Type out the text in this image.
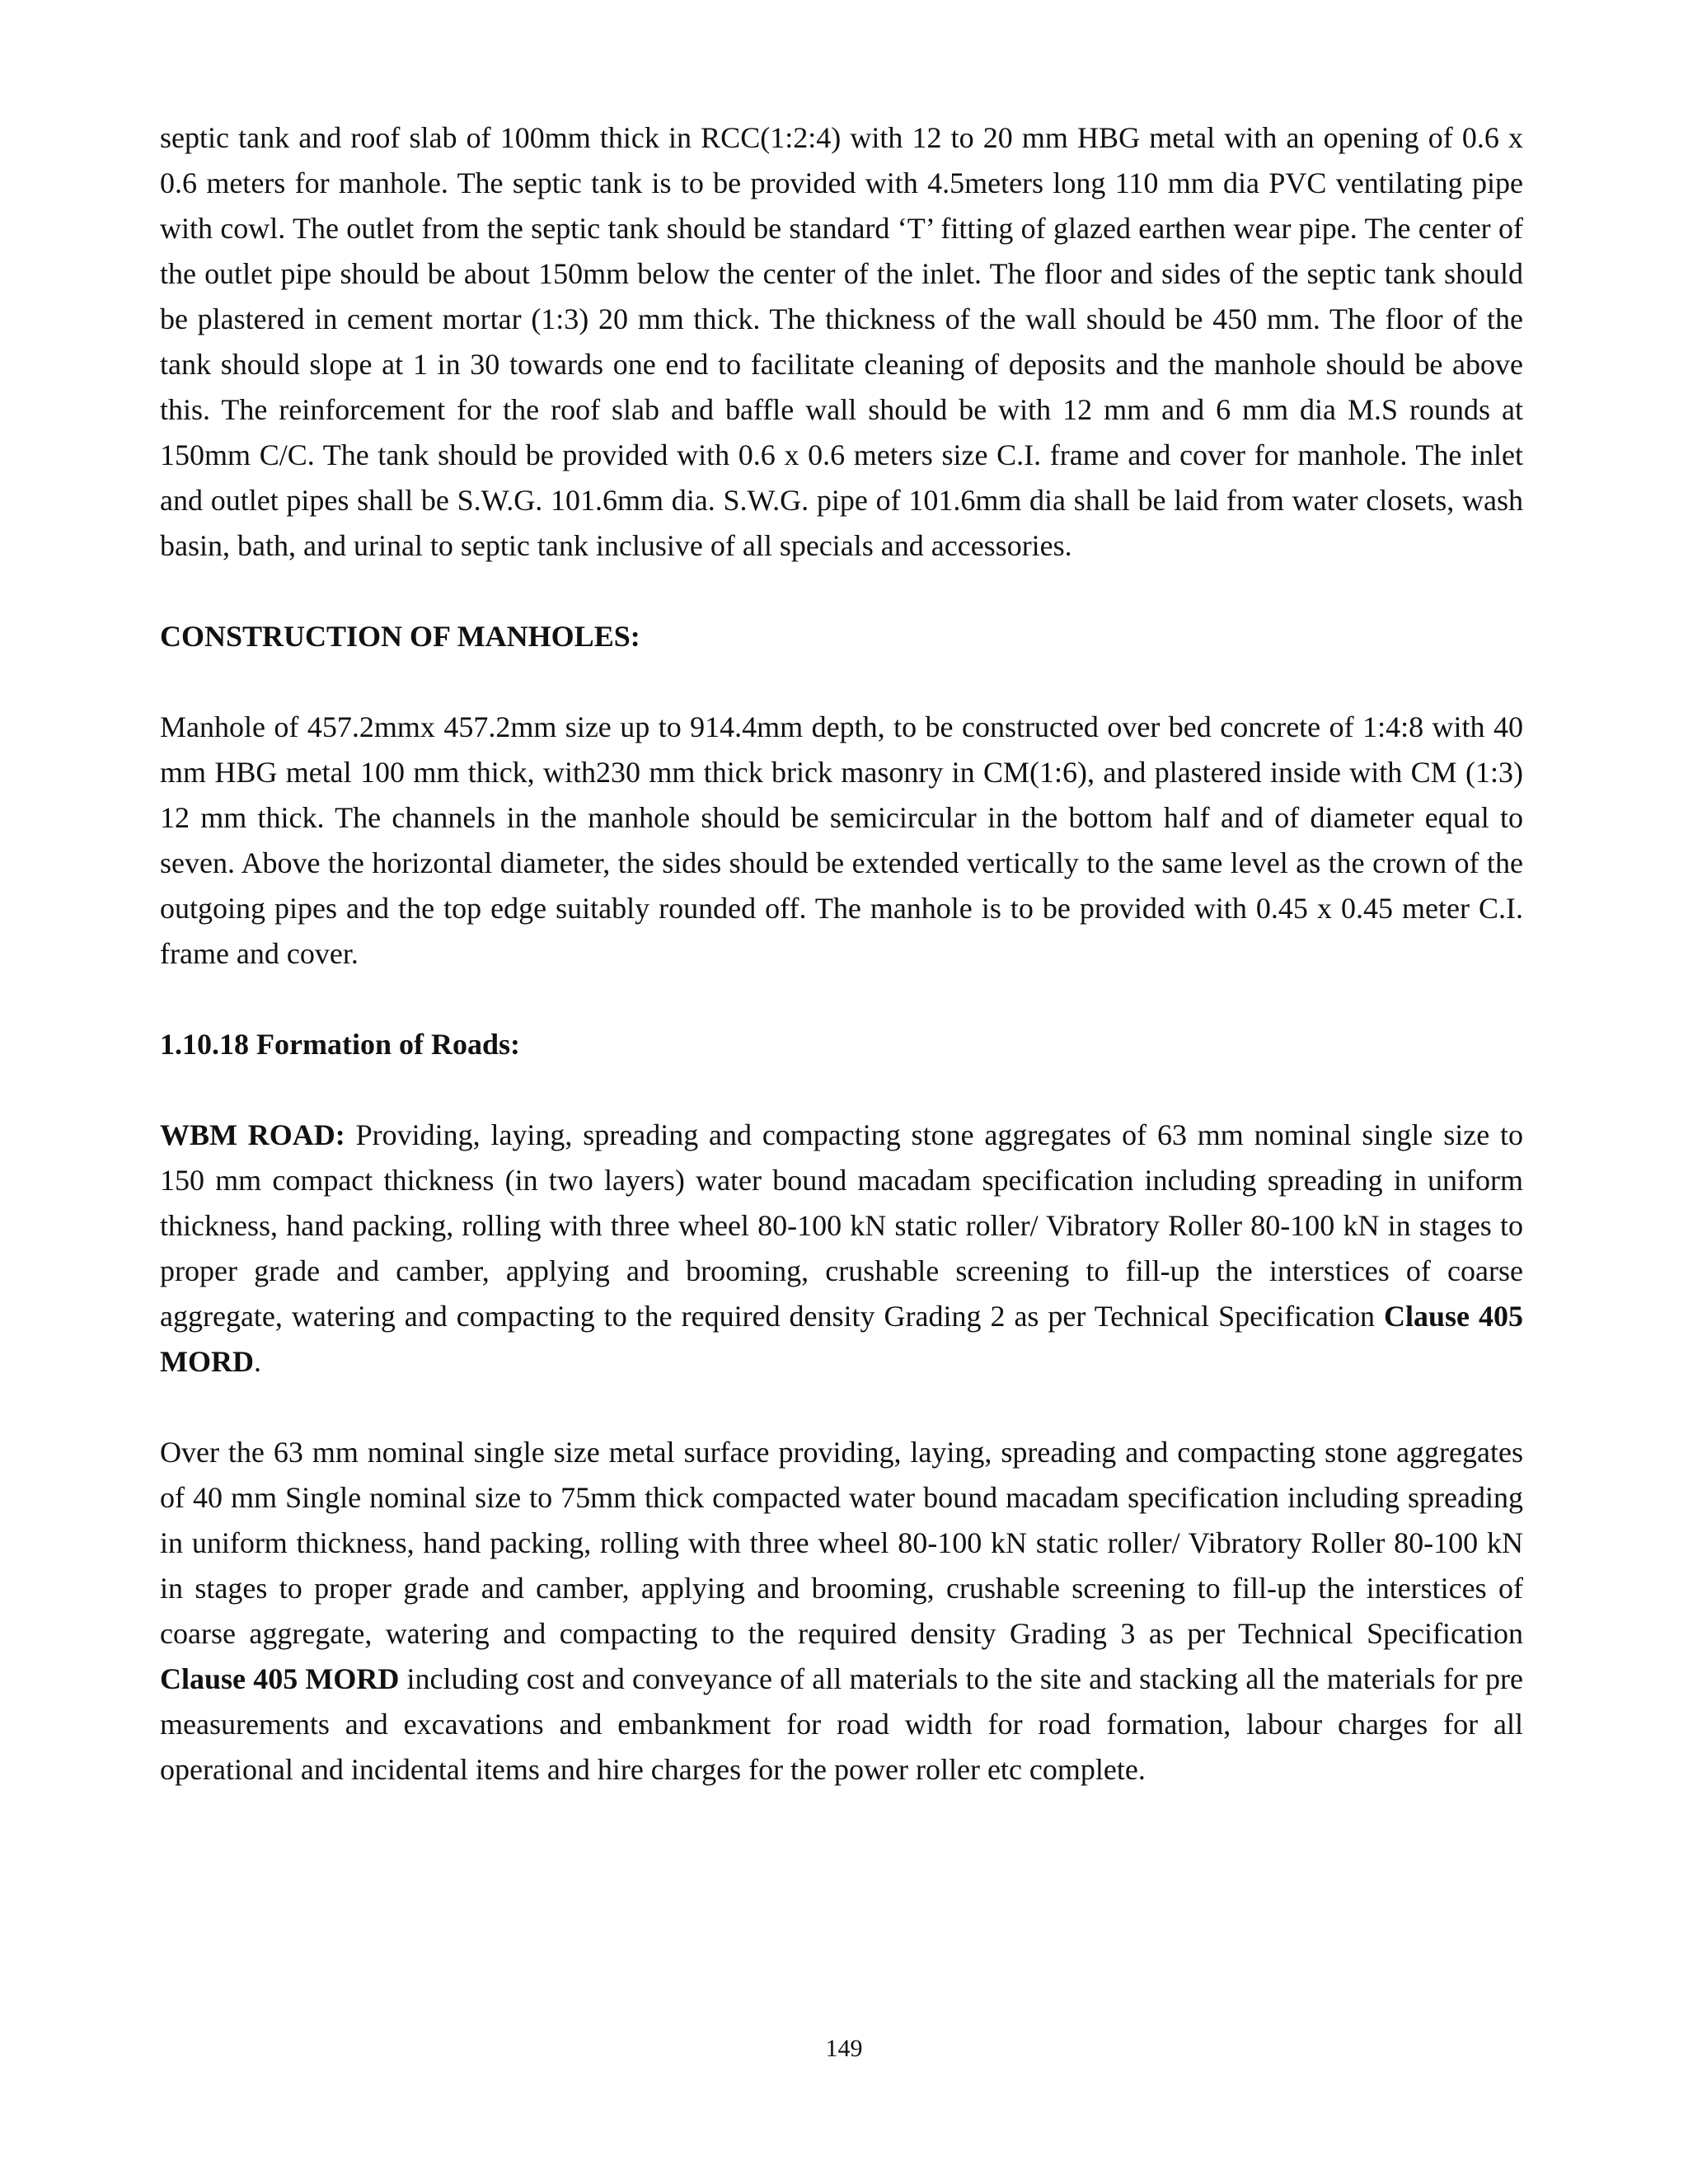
septic tank and roof slab of 100mm thick in RCC(1:2:4) with 12 to 20 mm HBG metal with an opening of 0.6 x 0.6 meters for manhole. The septic tank is to be provided with 4.5meters long 110 mm dia PVC ventilating pipe with cowl. The outlet from the septic tank should be standard ‘T’ fitting of glazed earthen wear pipe. The center of the outlet pipe should be about 150mm below the center of the inlet. The floor and sides of the septic tank should be plastered in cement mortar (1:3) 20 mm thick. The thickness of the wall should be 450 mm. The floor of the tank should slope at 1 in 30 towards one end to facilitate cleaning of deposits and the manhole should be above this. The reinforcement for the roof slab and baffle wall should be with 12 mm and 6 mm dia M.S rounds at 150mm C/C. The tank should be provided with 0.6 x 0.6 meters size C.I. frame and cover for manhole. The inlet and outlet pipes shall be S.W.G. 101.6mm dia. S.W.G. pipe of 101.6mm dia shall be laid from water closets, wash basin, bath, and urinal to septic tank inclusive of all specials and accessories.

CONSTRUCTION OF MANHOLES:

Manhole of 457.2mmx 457.2mm size up to 914.4mm depth, to be constructed over bed concrete of 1:4:8 with 40 mm HBG metal 100 mm thick, with230 mm thick brick masonry in CM(1:6), and plastered inside with CM (1:3) 12 mm thick. The channels in the manhole should be semicircular in the bottom half and of diameter equal to seven. Above the horizontal diameter, the sides should be extended vertically to the same level as the crown of the outgoing pipes and the top edge suitably rounded off. The manhole is to be provided with 0.45 x 0.45 meter C.I. frame and cover.

1.10.18 Formation of Roads:

WBM ROAD: Providing, laying, spreading and compacting stone aggregates of 63 mm nominal single size to 150 mm compact thickness (in two layers) water bound macadam specification including spreading in uniform thickness, hand packing, rolling with three wheel 80-100 kN static roller/ Vibratory Roller 80-100 kN in stages to proper grade and camber, applying and brooming, crushable screening to fill-up the interstices of coarse aggregate, watering and compacting to the required density Grading 2 as per Technical Specification Clause 405 MORD.

Over the 63 mm nominal single size metal surface providing, laying, spreading and compacting stone aggregates of 40 mm Single nominal size to 75mm thick compacted water bound macadam specification including spreading in uniform thickness, hand packing, rolling with three wheel 80-100 kN static roller/ Vibratory Roller 80-100 kN in stages to proper grade and camber, applying and brooming, crushable screening to fill-up the interstices of coarse aggregate, watering and compacting to the required density Grading 3 as per Technical Specification Clause 405 MORD including cost and conveyance of all materials to the site and stacking all the materials for pre measurements and excavations and embankment for road width for road formation, labour charges for all operational and incidental items and hire charges for the power roller etc complete.

149
